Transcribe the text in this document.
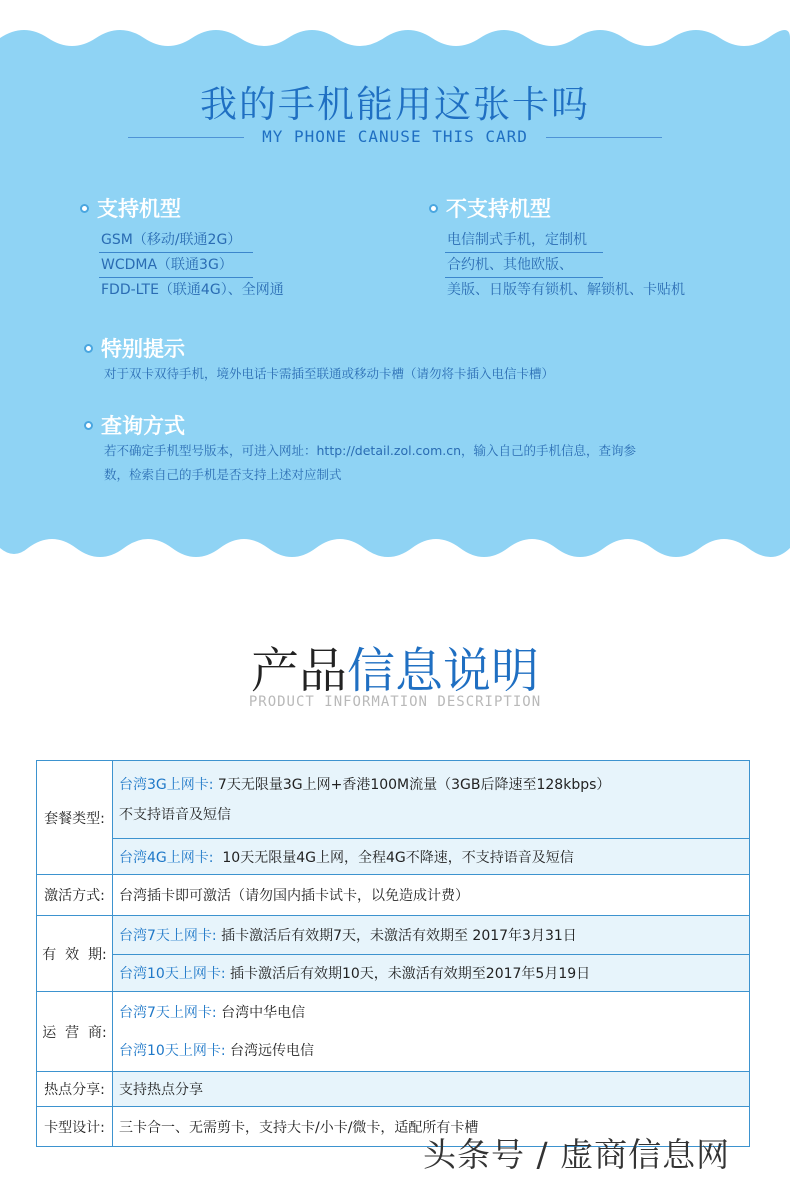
我的手机能用这张卡吗
MY PHONE CANUSE THIS CARD
支持机型
GSM（移动/联通2G）
WCDMA（联通3G）
FDD-LTE（联通4G）、全网通
不支持机型
电信制式手机，定制机
合约机、其他欧版、
美版、日版等有锁机、解锁机、卡贴机
特别提示
对于双卡双待手机，境外电话卡需插至联通或移动卡槽（请勿将卡插入电信卡槽）
查询方式
若不确定手机型号版本，可进入网址：http://detail.zol.com.cn，输入自己的手机信息，查询参
数，检索自己的手机是否支持上述对应制式
产品信息说明
PRODUCT INFORMATION DESCRIPTION
套餐类型:	台湾3G上网卡: 7天无限量3G上网+香港100M流量（3GB后降速至128kbps）
不支持语音及短信

	台湾4G上网卡:  10天无限量4G上网，全程4G不降速，不支持语音及短信
激活方式:	台湾插卡即可激活（请勿国内插卡试卡，以免造成计费）
有  效  期:	台湾7天上网卡: 插卡激活后有效期7天，未激活有效期至 2017年3月31日
	台湾10天上网卡: 插卡激活后有效期10天，未激活有效期至2017年5月19日
运  营  商:	台湾7天上网卡: 台湾中华电信
台湾10天上网卡: 台湾远传电信

热点分享:	支持热点分享
卡型设计:	三卡合一、无需剪卡，支持大卡/小卡/微卡，适配所有卡槽
头条号 / 虚商信息网
